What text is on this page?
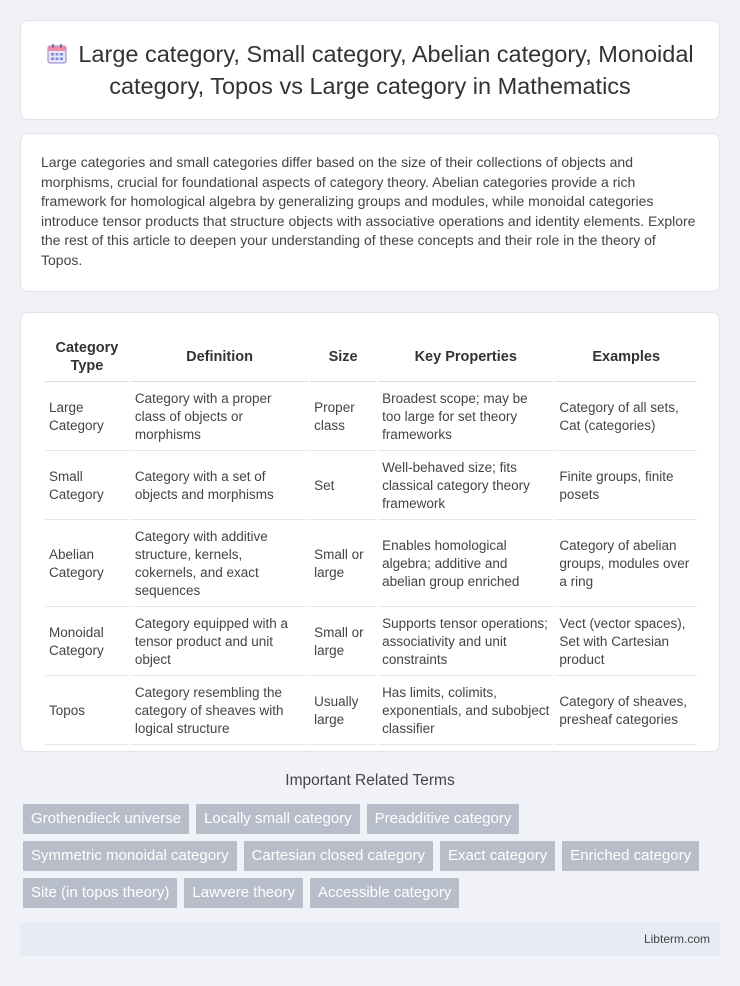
Large category, Small category, Abelian category, Monoidal category, Topos vs Large category in Mathematics

Large categories and small categories differ based on the size of their collections of objects and morphisms, crucial for foundational aspects of category theory. Abelian categories provide a rich framework for homological algebra by generalizing groups and modules, while monoidal categories introduce tensor products that structure objects with associative operations and identity elements. Explore the rest of this article to deepen your understanding of these concepts and their role in the theory of Topos.

Category Type	Definition	Size	Key Properties	Examples
Large Category	Category with a proper class of objects or morphisms	Proper class	Broadest scope; may be too large for set theory frameworks	Category of all sets, Cat (categories)
Small Category	Category with a set of objects and morphisms	Set	Well-behaved size; fits classical category theory framework	Finite groups, finite posets
Abelian Category	Category with additive structure, kernels, cokernels, and exact sequences	Small or large	Enables homological algebra; additive and abelian group enriched	Category of abelian groups, modules over a ring
Monoidal Category	Category equipped with a tensor product and unit object	Small or large	Supports tensor operations; associativity and unit constraints	Vect (vector spaces), Set with Cartesian product
Topos	Category resembling the category of sheaves with logical structure	Usually large	Has limits, colimits, exponentials, and subobject classifier	Category of sheaves, presheaf categories
Important Related Terms
Grothendieck universe	Locally small category	Preadditive category
Symmetric monoidal category	Cartesian closed category	Exact category	Enriched category
Site (in topos theory)	Lawvere theory	Accessible category
Libterm.com
